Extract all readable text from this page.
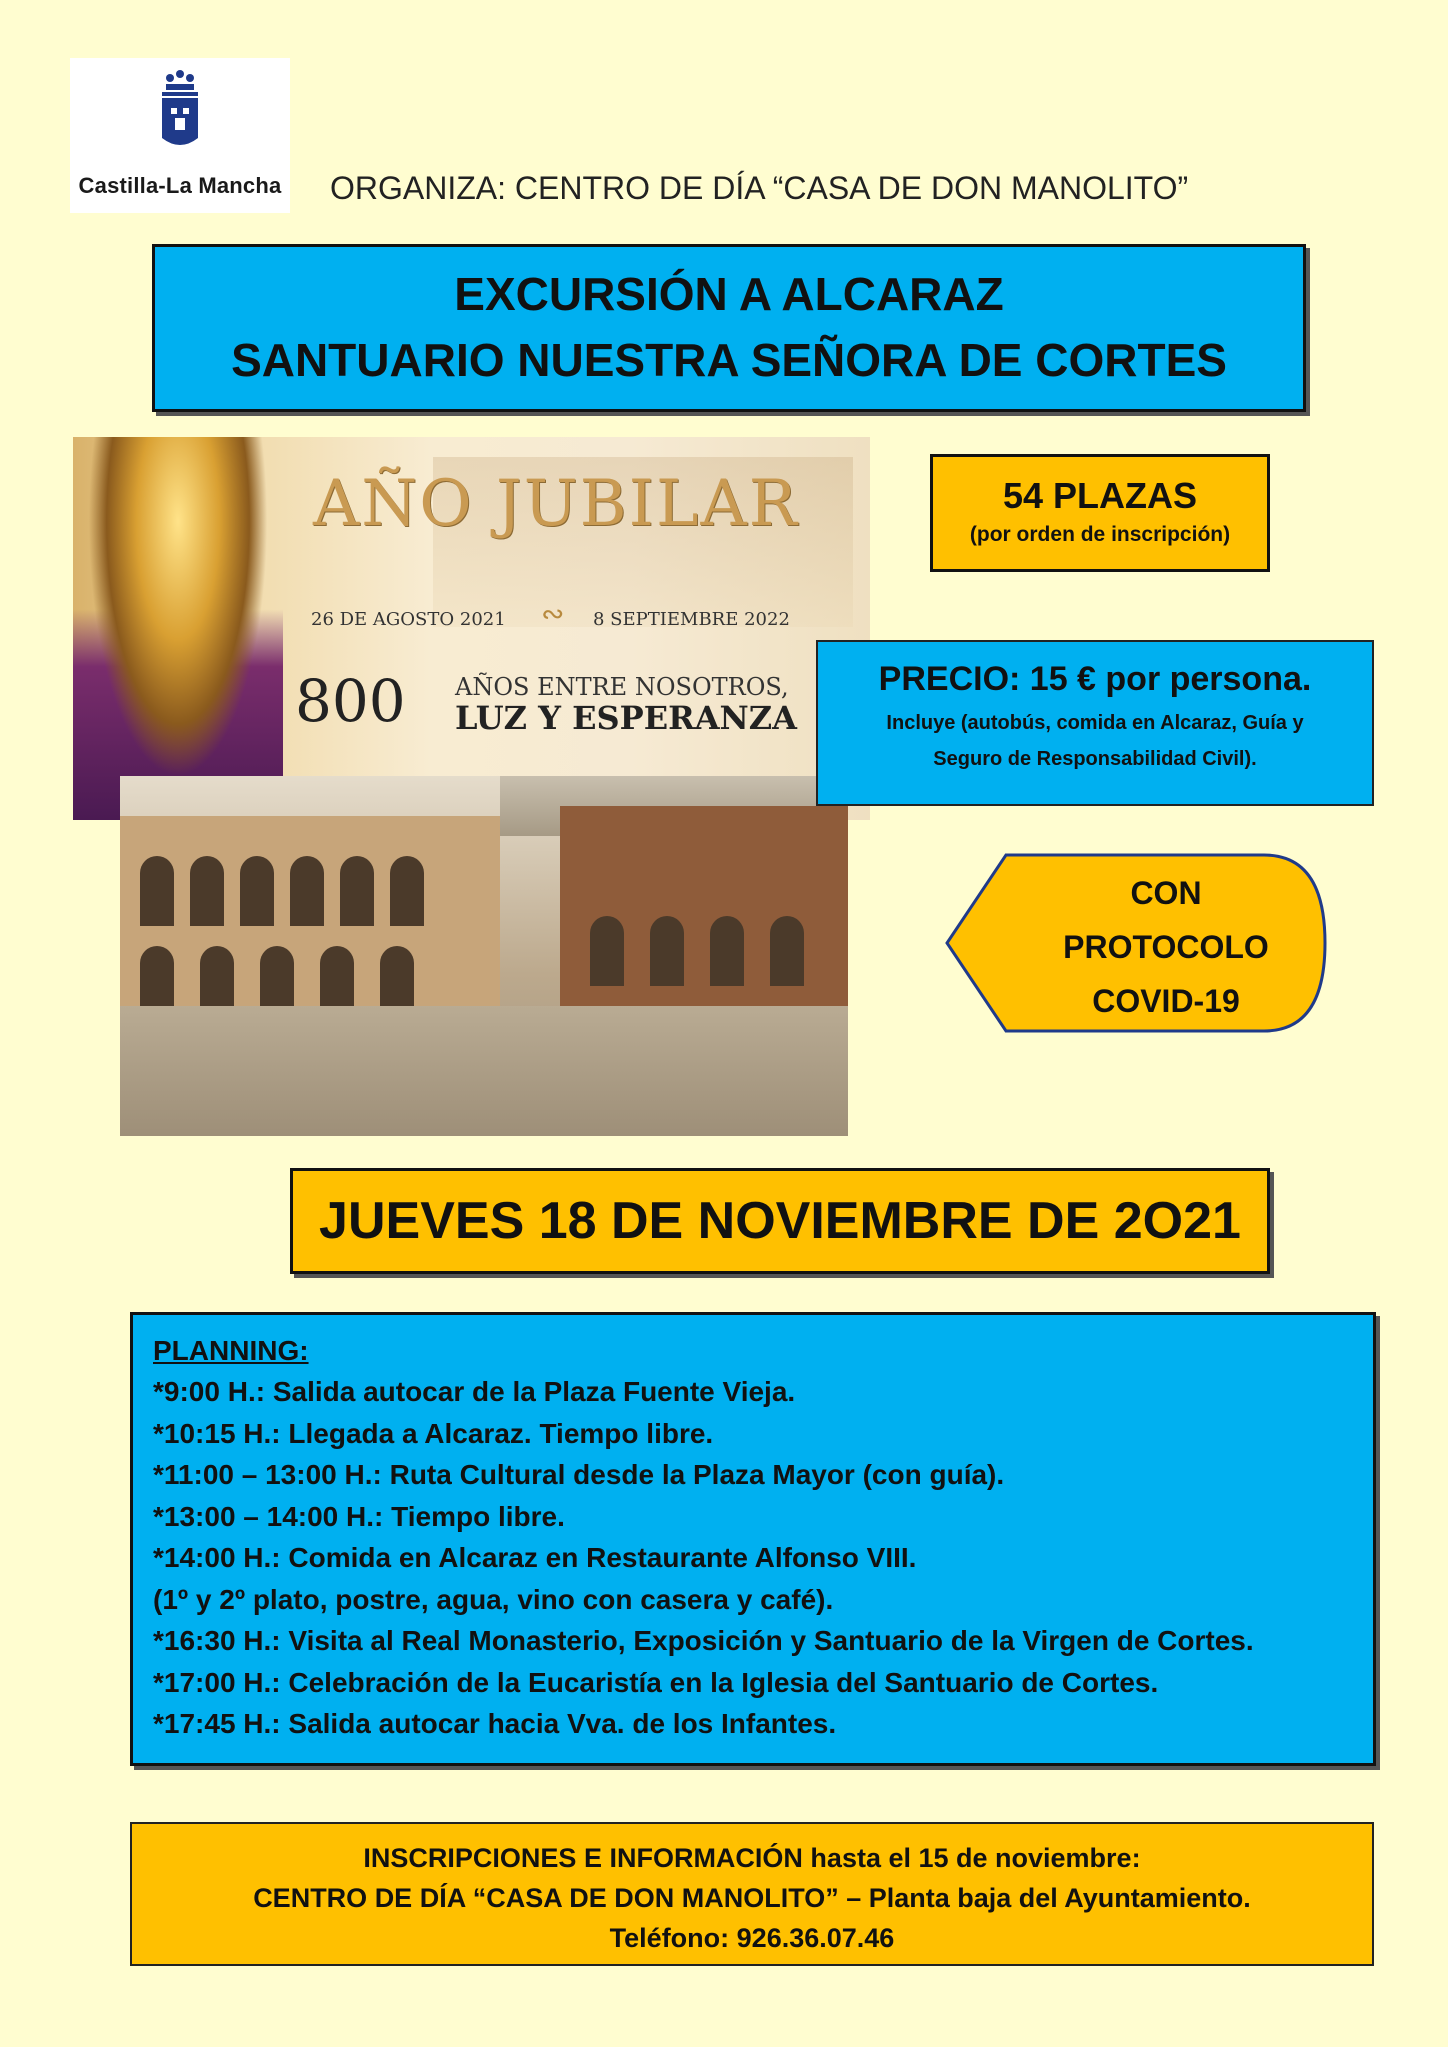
Castilla-La Mancha ORGANIZA: CENTRO DE DÍA “CASA DE DON MANOLITO”
EXCURSIÓN A ALCARAZ
SANTUARIO NUESTRA SEÑORA DE CORTES
AÑO JUBILAR
26 DE AGOSTO 2021 ∾ 8 SEPTIEMBRE 2022
800 AÑOS ENTRE NOSOTROS,
LUZ Y ESPERANZA
54 PLAZAS
(por orden de inscripción)
PRECIO: 15 € por persona.
Incluye (autobús, comida en Alcaraz, Guía y
Seguro de Responsabilidad Civil).
CON
PROTOCOLO
COVID-19
JUEVES 18 DE NOVIEMBRE DE 2O21
PLANNING:
*9:00 H.: Salida autocar de la Plaza Fuente Vieja.
*10:15 H.: Llegada a Alcaraz. Tiempo libre.
*11:00 – 13:00 H.: Ruta Cultural desde la Plaza Mayor (con guía).
*13:00 – 14:00 H.: Tiempo libre.
*14:00 H.: Comida en Alcaraz en Restaurante Alfonso VIII.
(1º y 2º plato, postre, agua, vino con casera y café).
*16:30 H.: Visita al Real Monasterio, Exposición y Santuario de la Virgen de Cortes.
*17:00 H.: Celebración de la Eucaristía en la Iglesia del Santuario de Cortes.
*17:45 H.: Salida autocar hacia Vva. de los Infantes.
INSCRIPCIONES E INFORMACIÓN hasta el 15 de noviembre:
CENTRO DE DÍA “CASA DE DON MANOLITO” – Planta baja del Ayuntamiento.
Teléfono: 926.36.07.46
